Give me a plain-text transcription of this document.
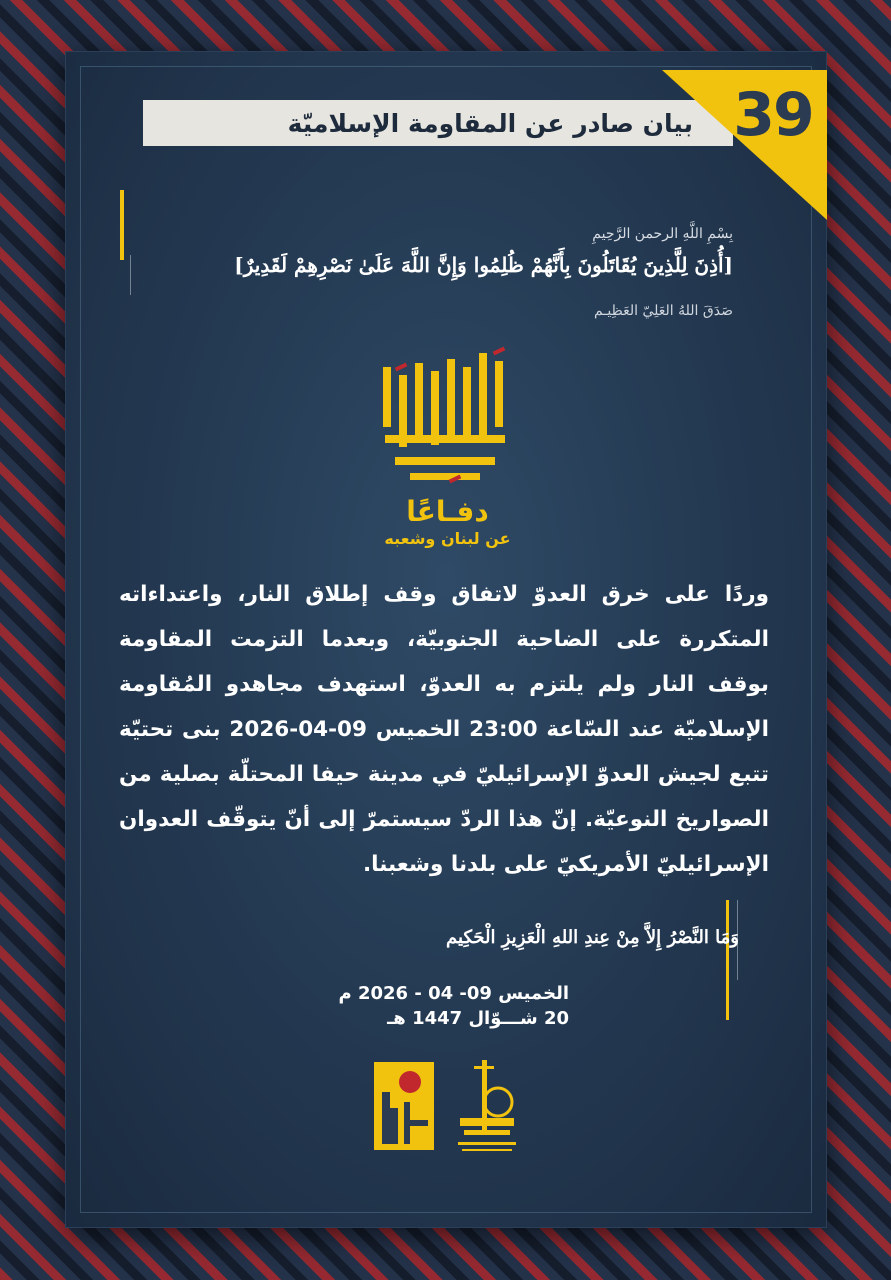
بيان صادر عن المقاومة الإسلاميّة 39
بِسْمِ اللَّهِ الرحمن الرَّحِيمِ
[أُذِنَ لِلَّذِينَ يُقَاتَلُونَ بِأَنَّهُمْ ظُلِمُوا وَإِنَّ اللَّهَ عَلَىٰ نَصْرِهِمْ لَقَدِيرٌ]
صَدَقَ اللهُ العَلِيّ العَظِيـم
دفـاعًا
عن لبنان وشعبه
وردًا على خرق العدوّ لاتفاق وقف إطلاق النار، واعتداءاته المتكررة على الضاحية الجنوبيّة، وبعدما التزمت المقاومة بوقف النار ولم يلتزم به العدوّ، استهدف مجاهدو المُقاومة الإسلاميّة عند السّاعة 23:00 الخميس 09-04-2026 بنى تحتيّة تتبع لجيش العدوّ الإسرائيليّ في مدينة حيفا المحتلّة بصلية من الصواريخ النوعيّة. إنّ هذا الردّ سيستمرّ إلى أنّ يتوقّف العدوان الإسرائيليّ الأمريكيّ على بلدنا وشعبنا.
وَمَا النَّصْرُ إِلاَّ مِنْ عِندِ اللهِ الْعَزِيزِ الْحَكِيم
الخميس 09- 04 - 2026 م
20 شـــوّال 1447 هـ
